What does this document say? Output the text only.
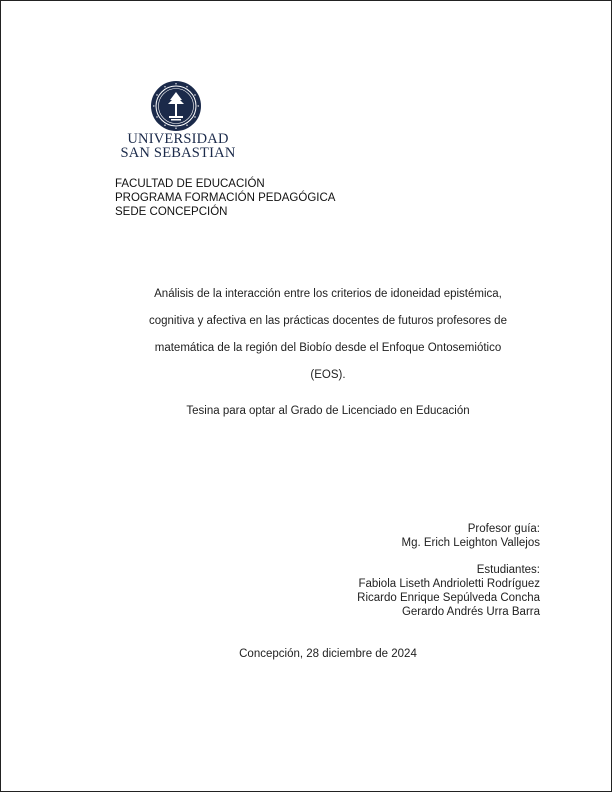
UNIVERSIDAD
SAN SEBASTIAN
FACULTAD DE EDUCACIÓN
PROGRAMA FORMACIÓN PEDAGÓGICA
SEDE CONCEPCIÓN
Análisis de la interacción entre los criterios de idoneidad epistémica,
cognitiva y afectiva en las prácticas docentes de futuros profesores de
matemática de la región del Biobío desde el Enfoque Ontosemiótico
(EOS).
Tesina para optar al Grado de Licenciado en Educación
Profesor guía:
Mg. Erich Leighton Vallejos
Estudiantes:
Fabiola Liseth Andrioletti Rodríguez
Ricardo Enrique Sepúlveda Concha
Gerardo Andrés Urra Barra
Concepción, 28 diciembre de 2024
